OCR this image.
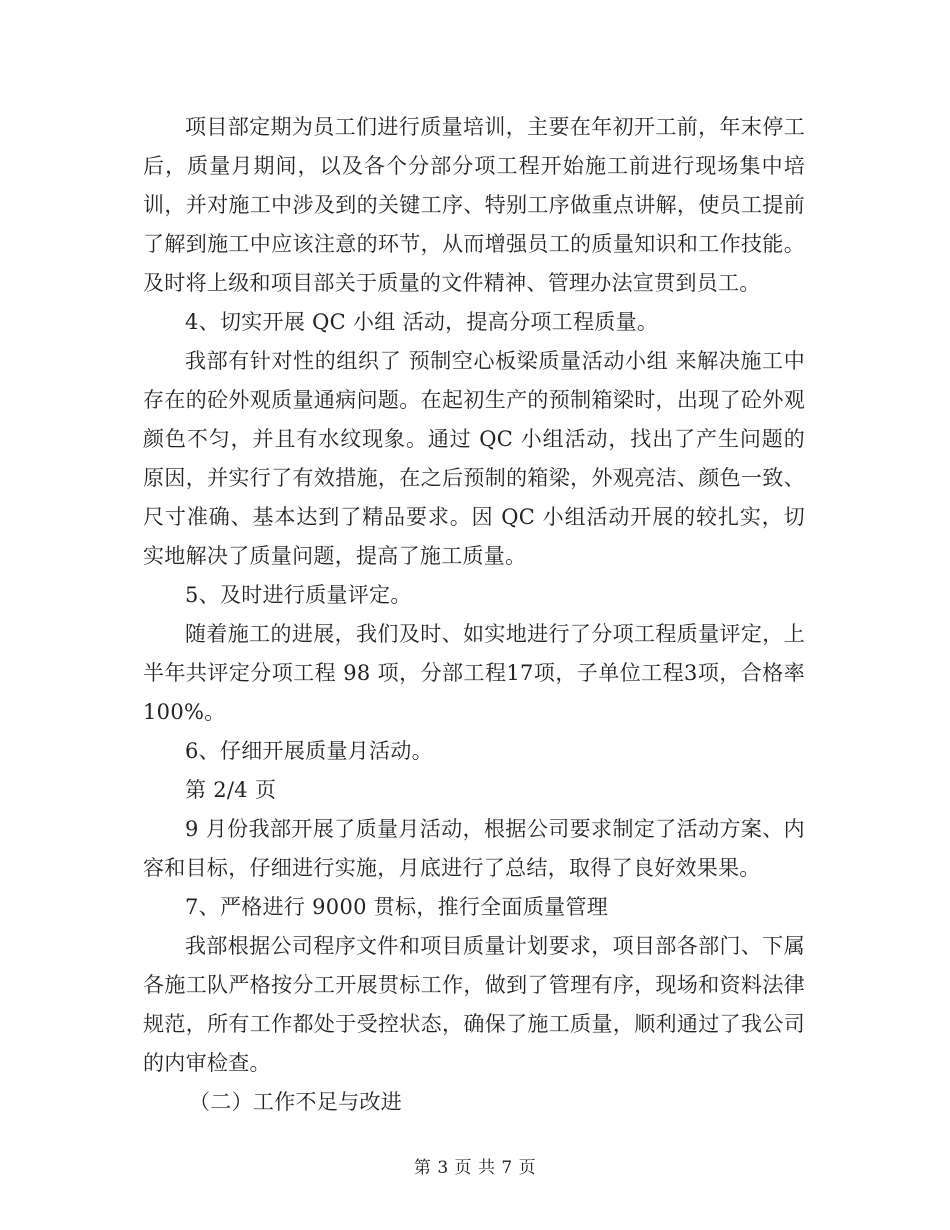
项目部定期为员工们进行质量培训，主要在年初开工前，年末停工后，质量月期间，以及各个分部分项工程开始施工前进行现场集中培训，并对施工中涉及到的关键工序、特别工序做重点讲解，使员工提前了解到施工中应该注意的环节，从而增强员工的质量知识和工作技能。及时将上级和项目部关于质量的文件精神、管理办法宣贯到员工。

4、切实开展 QC 小组 活动，提高分项工程质量。

我部有针对性的组织了 预制空心板梁质量活动小组 来解决施工中存在的砼外观质量通病问题。在起初生产的预制箱梁时，出现了砼外观颜色不匀，并且有水纹现象。通过 QC 小组活动，找出了产生问题的原因，并实行了有效措施，在之后预制的箱梁，外观亮洁、颜色一致、尺寸准确、基本达到了精品要求。因 QC 小组活动开展的较扎实，切实地解决了质量问题，提高了施工质量。

5、及时进行质量评定。

随着施工的进展，我们及时、如实地进行了分项工程质量评定，上半年共评定分项工程 98 项，分部工程17项，子单位工程3项，合格率 100%。

6、仔细开展质量月活动。

第 2/4 页

9 月份我部开展了质量月活动，根据公司要求制定了活动方案、内容和目标，仔细进行实施，月底进行了总结，取得了良好效果果。

7、严格进行 9000 贯标，推行全面质量管理

我部根据公司程序文件和项目质量计划要求，项目部各部门、下属各施工队严格按分工开展贯标工作，做到了管理有序，现场和资料法律规范，所有工作都处于受控状态，确保了施工质量，顺利通过了我公司的内审检查。

（二）工作不足与改进

第 3 页 共 7 页
